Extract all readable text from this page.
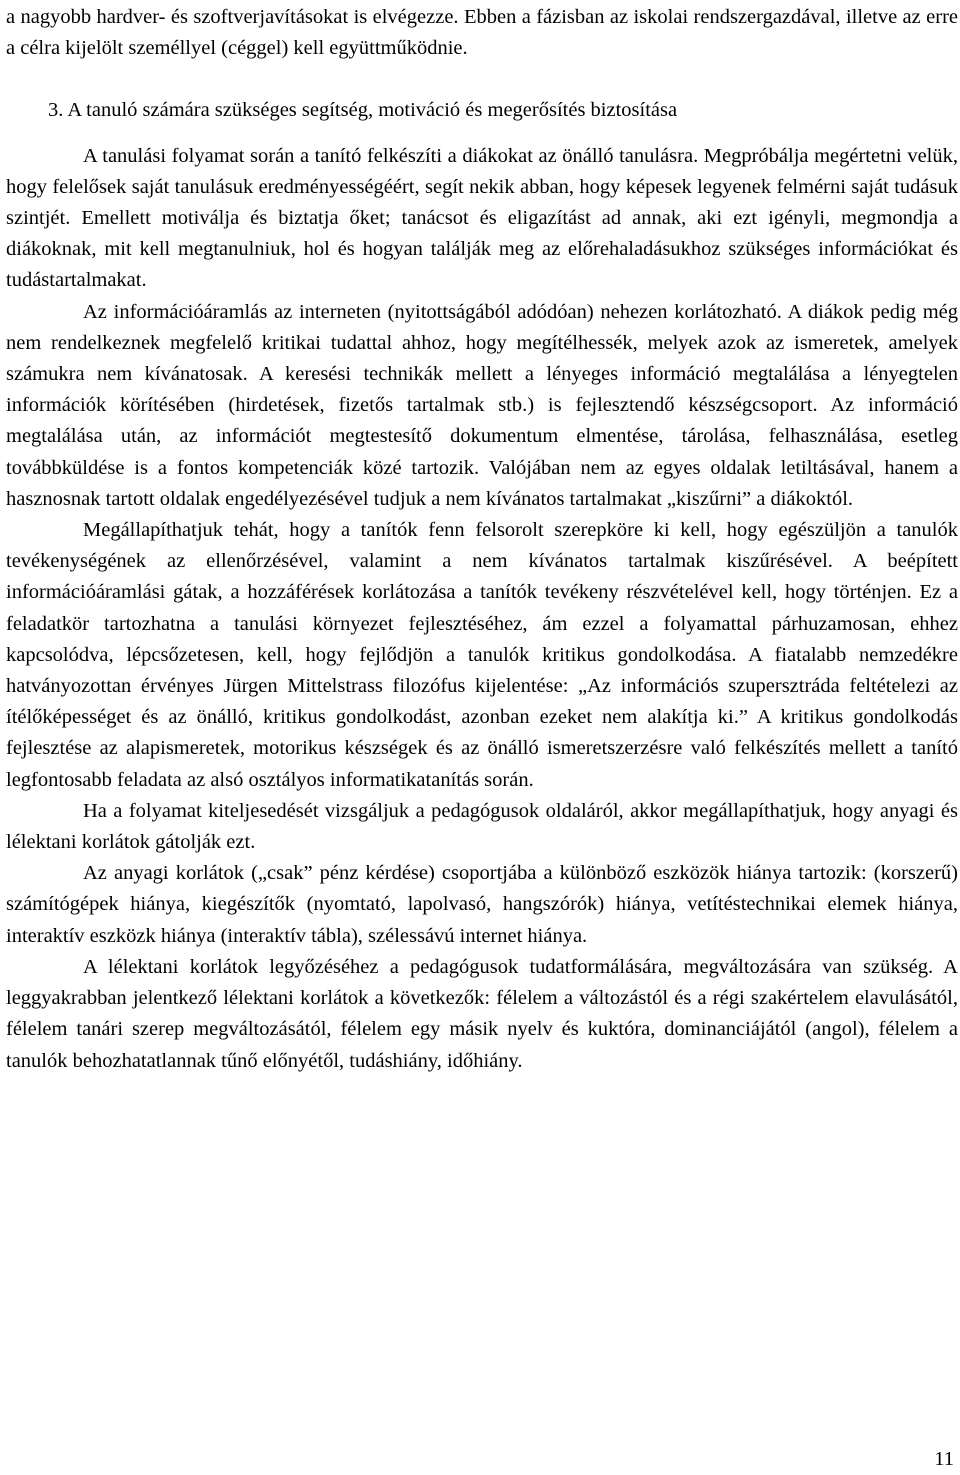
a nagyobb hardver- és szoftverjavításokat is elvégezze. Ebben a fázisban az iskolai rendszergazdával, illetve az erre a célra kijelölt személlyel (céggel) kell együttműködnie.

3. A tanuló számára szükséges segítség, motiváció és megerősítés biztosítása

A tanulási folyamat során a tanító felkészíti a diákokat az önálló tanulásra. Megpróbálja megértetni velük, hogy felelősek saját tanulásuk eredményességéért, segít nekik abban, hogy képesek legyenek felmérni saját tudásuk szintjét. Emellett motiválja és biztatja őket; tanácsot és eligazítást ad annak, aki ezt igényli, megmondja a diákoknak, mit kell megtanulniuk, hol és hogyan találják meg az előrehaladásukhoz szükséges információkat és tudástartalmakat.

Az információáramlás az interneten (nyitottságából adódóan) nehezen korlátozható. A diákok pedig még nem rendelkeznek megfelelő kritikai tudattal ahhoz, hogy megítélhessék, melyek azok az ismeretek, amelyek számukra nem kívánatosak. A keresési technikák mellett a lényeges információ megtalálása a lényegtelen információk körítésében (hirdetések, fizetős tartalmak stb.) is fejlesztendő készségcsoport. Az információ megtalálása után, az információt megtestesítő dokumentum elmentése, tárolása, felhasználása, esetleg továbbküldése is a fontos kompetenciák közé tartozik. Valójában nem az egyes oldalak letiltásával, hanem a hasznosnak tartott oldalak engedélyezésével tudjuk a nem kívánatos tartalmakat „kiszűrni” a diákoktól.

Megállapíthatjuk tehát, hogy a tanítók fenn felsorolt szerepköre ki kell, hogy egészüljön a tanulók tevékenységének az ellenőrzésével, valamint a nem kívánatos tartalmak kiszűrésével. A beépített információáramlási gátak, a hozzáférések korlátozása a tanítók tevékeny részvételével kell, hogy történjen. Ez a feladatkör tartozhatna a tanulási környezet fejlesztéséhez, ám ezzel a folyamattal párhuzamosan, ehhez kapcsolódva, lépcsőzetesen, kell, hogy fejlődjön a tanulók kritikus gondolkodása. A fiatalabb nemzedékre hatványozottan érvényes Jürgen Mittelstrass filozófus kijelentése: „Az információs szupersztráda feltételezi az ítélőképességet és az önálló, kritikus gondolkodást, azonban ezeket nem alakítja ki.” A kritikus gondolkodás fejlesztése az alapismeretek, motorikus készségek és az önálló ismeretszerzésre való felkészítés mellett a tanító legfontosabb feladata az alsó osztályos informatikatanítás során.

Ha a folyamat kiteljesedését vizsgáljuk a pedagógusok oldaláról, akkor megállapíthatjuk, hogy anyagi és lélektani korlátok gátolják ezt.

Az anyagi korlátok („csak” pénz kérdése) csoportjába a különböző eszközök hiánya tartozik: (korszerű) számítógépek hiánya, kiegészítők (nyomtató, lapolvasó, hangszórók) hiánya, vetítéstechnikai elemek hiánya, interaktív eszközk hiánya (interaktív tábla), szélessávú internet hiánya.

A lélektani korlátok legyőzéséhez a pedagógusok tudatformálására, megváltozására van szükség. A leggyakrabban jelentkező lélektani korlátok a következők: félelem a változástól és a régi szakértelem elavulásától, félelem tanári szerep megváltozásától, félelem egy másik nyelv és kuktóra, dominanciájától (angol), félelem a tanulók behozhatatlannak tűnő előnyétől, tudáshiány, időhiány.

11
